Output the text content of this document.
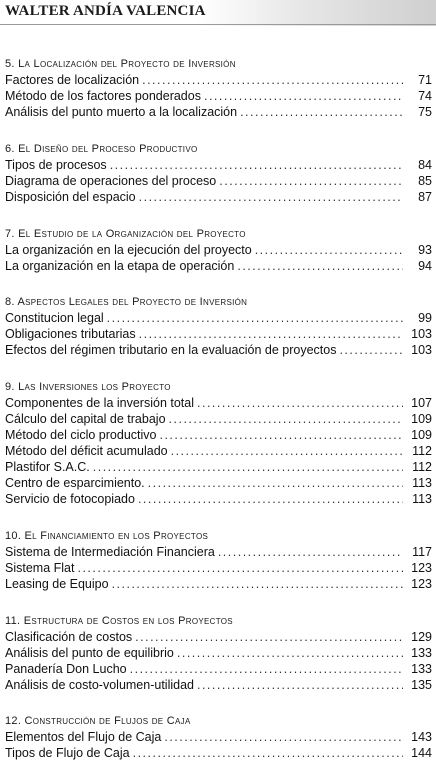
WALTER ANDÍA VALENCIA
5. La Localización del Proyecto de Inversión
Factores de localización .....	71
Método de los factores ponderados .....	74
Análisis del punto muerto a la localización .....	75
6. El Diseño del Proceso Productivo
Tipos de procesos .....	84
Diagrama de operaciones del proceso .....	85
Disposición del espacio .....	87
7. El Estudio de la Organización del Proyecto
La organización en la ejecución del proyecto .....	93
La organización en la etapa de operación .....	94
8. Aspectos Legales del Proyecto de Inversión
Constitucion legal .....	99
Obligaciones tributarias .....	103
Efectos del régimen tributario en la evaluación de proyectos .....	103
9. Las Inversiones los Proyecto
Componentes de la inversión total .....	107
Cálculo del capital de trabajo .....	109
Método del ciclo productivo .....	109
Método del déficit acumulado .....	112
Plastifor S.A.C. .....	112
Centro de esparcimiento. .....	113
Servicio de fotocopiado .....	113
10. El Financiamiento en los Proyectos
Sistema de Intermediación Financiera .....	117
Sistema Flat .....	123
Leasing de Equipo .....	123
11. Estructura de Costos en los Proyectos
Clasificación de costos .....	129
Análisis del punto de equilibrio .....	133
Panadería Don Lucho .....	133
Análisis de costo-volumen-utilidad .....	135
12. Construcción de Flujos de Caja
Elementos del Flujo de Caja .....	143
Tipos de Flujo de Caja .....	144
